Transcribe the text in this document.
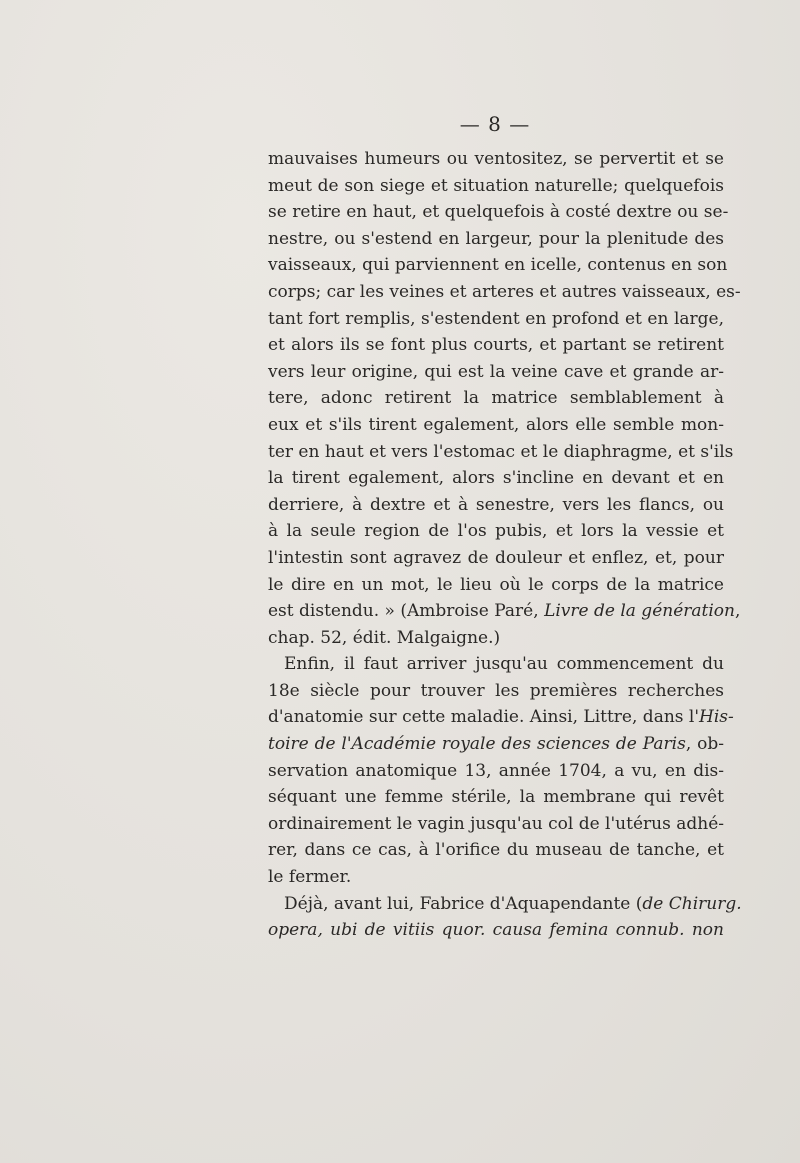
— 8 —
mauvaises humeurs ou ventositez, se pervertit et se
meut de son siege et situation naturelle; quelquefois
se retire en haut, et quelquefois à costé dextre ou se-
nestre, ou s'estend en largeur, pour la plenitude des
vaisseaux, qui parviennent en icelle, contenus en son
corps; car les veines et arteres et autres vaisseaux, es-
tant fort remplis, s'estendent en profond et en large,
et alors ils se font plus courts, et partant se retirent
vers leur origine, qui est la veine cave et grande ar-
tere, adonc retirent la matrice semblablement à
eux et s'ils tirent egalement, alors elle semble mon-
ter en haut et vers l'estomac et le diaphragme, et s'ils
la tirent egalement, alors s'incline en devant et en
derriere, à dextre et à senestre, vers les flancs, ou
à la seule region de l'os pubis, et lors la vessie et
l'intestin sont agravez de douleur et enflez, et, pour
le dire en un mot, le lieu où le corps de la matrice
est distendu. » (Ambroise Paré, Livre de la génération,
chap. 52, édit. Malgaigne.)
Enfin, il faut arriver jusqu'au commencement du
18e siècle pour trouver les premières recherches
d'anatomie sur cette maladie. Ainsi, Littre, dans l'His-
toire de l'Académie royale des sciences de Paris, ob-
servation anatomique 13, année 1704, a vu, en dis-
séquant une femme stérile, la membrane qui revêt
ordinairement le vagin jusqu'au col de l'utérus adhé-
rer, dans ce cas, à l'orifice du museau de tanche, et
le fermer.
Déjà, avant lui, Fabrice d'Aquapendante (de Chirurg.
opera, ubi de vitiis quor. causa femina connub. non
